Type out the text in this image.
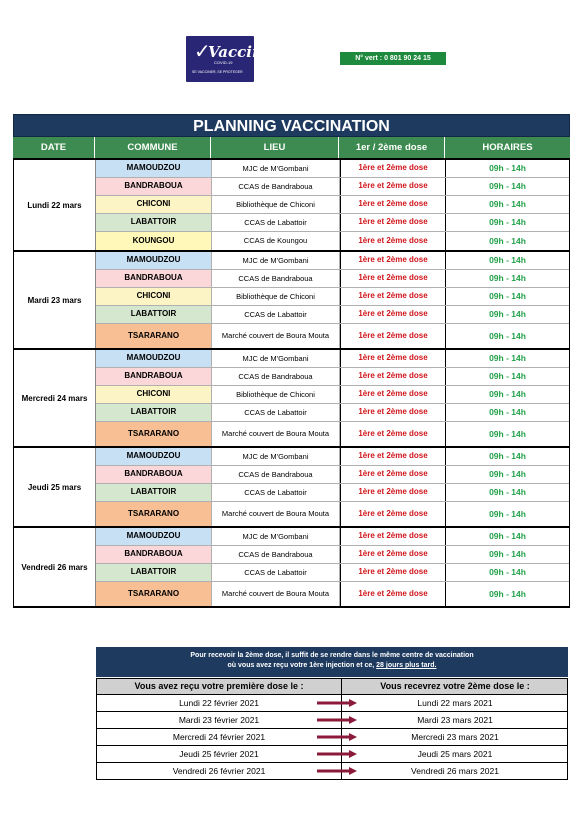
✓
Vaccin
COVID-19
SE VACCINER, SE PROTEGER
N° vert : 0 801 90 24 15
PLANNING VACCINATION
DATE	COMMUNE	LIEU	1er / 2ème dose	HORAIRES
Lundi 22 mars
MAMOUDZOU	MJC de M'Gombani	1ère et 2ème dose	09h - 14h
BANDRABOUA	CCAS de Bandraboua	1ère et 2ème dose	09h - 14h
CHICONI	Bibliothèque de Chiconi	1ère et 2ème dose	09h - 14h
LABATTOIR	CCAS de Labattoir	1ère et 2ème dose	09h - 14h
KOUNGOU	CCAS de Koungou	1ère et 2ème dose	09h - 14h
Mardi 23 mars
MAMOUDZOU	MJC de M'Gombani	1ère et 2ème dose	09h - 14h
BANDRABOUA	CCAS de Bandraboua	1ère et 2ème dose	09h - 14h
CHICONI	Bibliothèque de Chiconi	1ère et 2ème dose	09h - 14h
LABATTOIR	CCAS de Labattoir	1ère et 2ème dose	09h - 14h
TSARARANO	Marché couvert de Boura Mouta	1ère et 2ème dose	09h - 14h
Mercredi 24 mars
MAMOUDZOU	MJC de M'Gombani	1ère et 2ème dose	09h - 14h
BANDRABOUA	CCAS de Bandraboua	1ère et 2ème dose	09h - 14h
CHICONI	Bibliothèque de Chiconi	1ère et 2ème dose	09h - 14h
LABATTOIR	CCAS de Labattoir	1ère et 2ème dose	09h - 14h
TSARARANO	Marché couvert de Boura Mouta	1ère et 2ème dose	09h - 14h
Jeudi 25 mars
MAMOUDZOU	MJC de M'Gombani	1ère et 2ème dose	09h - 14h
BANDRABOUA	CCAS de Bandraboua	1ère et 2ème dose	09h - 14h
LABATTOIR	CCAS de Labattoir	1ère et 2ème dose	09h - 14h
TSARARANO	Marché couvert de Boura Mouta	1ère et 2ème dose	09h - 14h
Vendredi 26 mars
MAMOUDZOU	MJC de M'Gombani	1ère et 2ème dose	09h - 14h
BANDRABOUA	CCAS de Bandraboua	1ère et 2ème dose	09h - 14h
LABATTOIR	CCAS de Labattoir	1ère et 2ème dose	09h - 14h
TSARARANO	Marché couvert de Boura Mouta	1ère et 2ème dose	09h - 14h

Pour recevoir la 2ème dose, il suffit de se rendre dans le même centre de vaccination

où vous avez reçu votre 1ère injection et ce, 28 jours plus tard.

Vous avez reçu votre première dose le :	Vous recevrez votre 2ème dose le :
Lundi 22 février 2021	Lundi 22 mars 2021
Mardi 23 février 2021	Mardi 23 mars 2021
Mercredi 24 février 2021	Mercredi 23 mars 2021
Jeudi 25 février 2021	Jeudi 25 mars 2021
Vendredi 26 février 2021	Vendredi 26 mars 2021
